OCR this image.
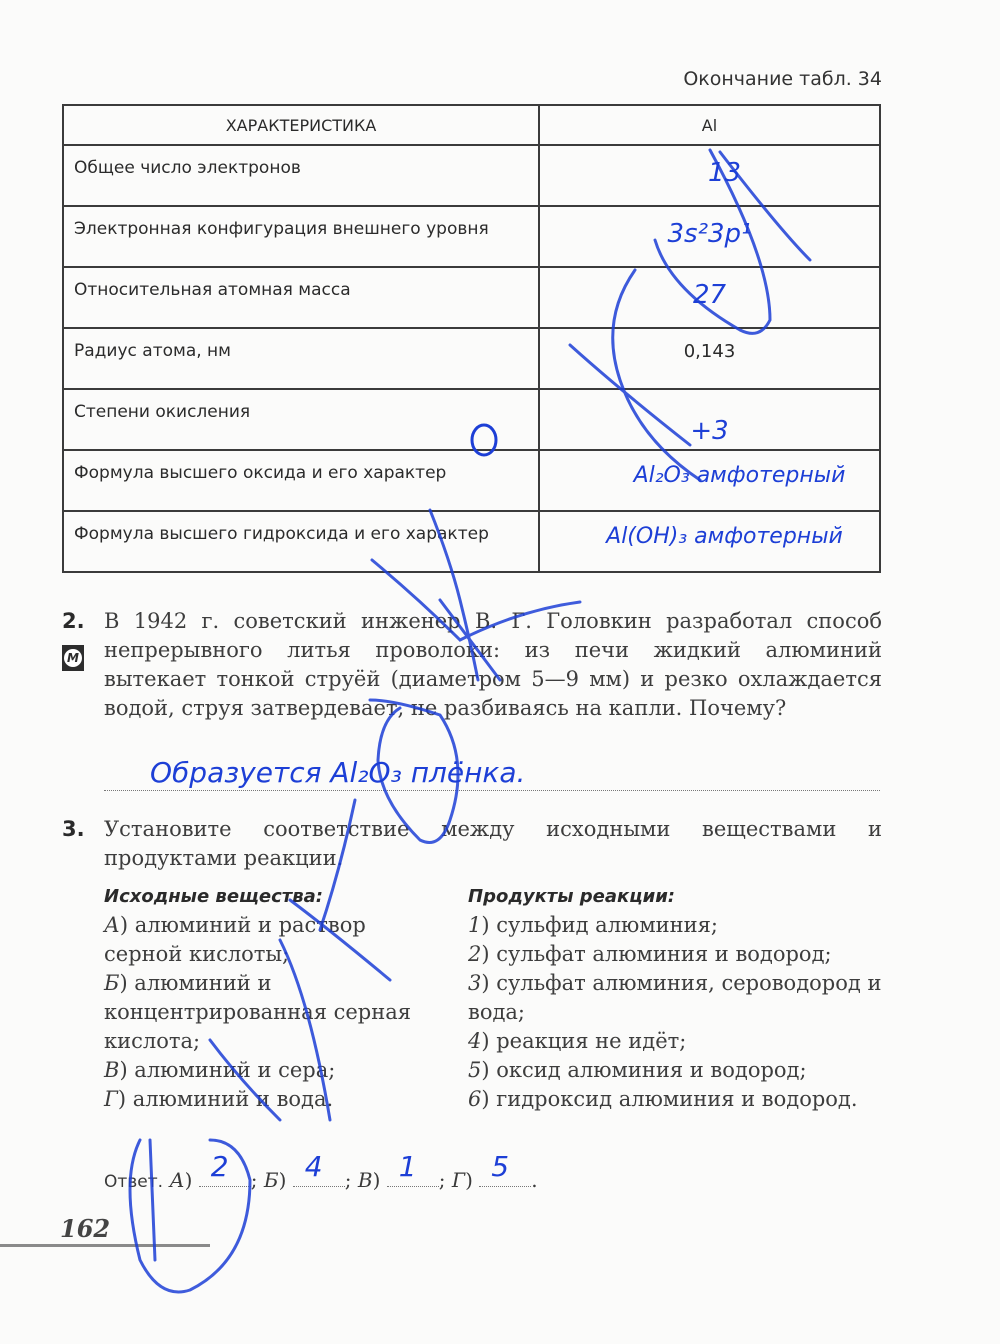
Окончание табл. 34
ХАРАКТЕРИСТИКА	Al
Общее число электронов	13
Электронная конфигурация внешнего уровня	3s²3p¹
Относительная атомная масса	27
Радиус атома, нм	0,143
Степени окисления	+3
Формула высшего оксида и его характер	Al₂O₃ амфотерный
Формула высшего гидроксида и его характер	Al(OH)₃ амфотерный
2.
М
В 1942 г. советский инженер В. Г. Головкин разработал способ непрерывного литья проволоки: из печи жидкий алюминий вытекает тонкой струёй (диаметром 5—9 мм) и резко охлаждается водой, струя затвердевает, не разбиваясь на капли. Почему?
Образуется Al₂O₃ плёнка.
3. Установите соответствие между исходными веществами и продуктами реакции.
Исходные вещества:
А) алюминий и раствор серной кислоты;
Б) алюминий и концентрированная серная кислота;
В) алюминий и сера;
Г) алюминий и вода.
Продукты реакции:
1) сульфид алюминия;
2) сульфат алюминия и водород;
3) сульфат алюминия, сероводород и вода;
4) реакция не идёт;
5) оксид алюминия и водород;
6) гидроксид алюминия и водород.
Ответ. А) 2 ; Б) 4 ; В) 1 ; Г) 5 .
162
